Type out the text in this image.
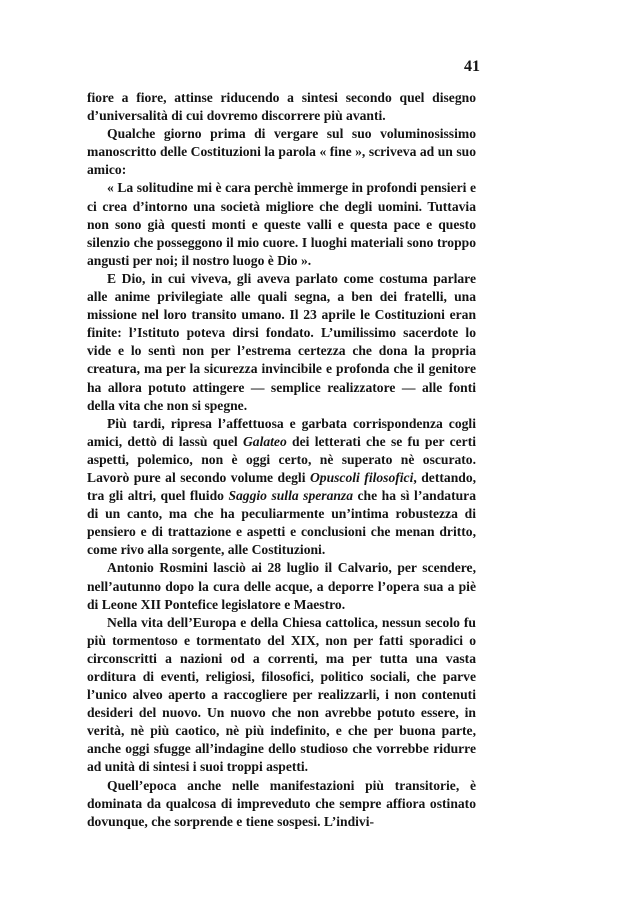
41

fiore a fiore, attinse riducendo a sintesi secondo quel disegno d’universalità di cui dovremo discorrere più avanti.

Qualche giorno prima di vergare sul suo voluminosissimo manoscritto delle Costituzioni la parola « fine », scriveva ad un suo amico:

« La solitudine mi è cara perchè immerge in profondi pensieri e ci crea d’intorno una società migliore che degli uomini. Tuttavia non sono già questi monti e queste valli e questa pace e questo silenzio che posseggono il mio cuore. I luoghi materiali sono troppo angusti per noi; il nostro luogo è Dio ».

E Dio, in cui viveva, gli aveva parlato come costuma parlare alle anime privilegiate alle quali segna, a ben dei fratelli, una missione nel loro transito umano. Il 23 aprile le Costituzioni eran finite: l’Istituto poteva dirsi fondato. L’umilissimo sacerdote lo vide e lo sentì non per l’estrema certezza che dona la propria creatura, ma per la sicurezza invincibile e profonda che il genitore ha allora potuto attingere — semplice realizzatore — alle fonti della vita che non si spegne.

Più tardi, ripresa l’affettuosa e garbata corrispondenza cogli amici, dettò di lassù quel Galateo dei letterati che se fu per certi aspetti, polemico, non è oggi certo, nè superato nè oscurato. Lavorò pure al secondo volume degli Opuscoli filosofici, dettando, tra gli altri, quel fluido Saggio sulla speranza che ha sì l’andatura di un canto, ma che ha peculiarmente un’intima robustezza di pensiero e di trattazione e aspetti e conclusioni che menan dritto, come rivo alla sorgente, alle Costituzioni.

Antonio Rosmini lasciò ai 28 luglio il Calvario, per scendere, nell’autunno dopo la cura delle acque, a deporre l’opera sua a piè di Leone XII Pontefice legislatore e Maestro.

Nella vita dell’Europa e della Chiesa cattolica, nessun secolo fu più tormentoso e tormentato del XIX, non per fatti sporadici o circonscritti a nazioni od a correnti, ma per tutta una vasta orditura di eventi, religiosi, filosofici, politico sociali, che parve l’unico alveo aperto a raccogliere per realizzarli, i non contenuti desideri del nuovo. Un nuovo che non avrebbe potuto essere, in verità, nè più caotico, nè più indefinito, e che per buona parte, anche oggi sfugge all’indagine dello studioso che vorrebbe ridurre ad unità di sintesi i suoi troppi aspetti.

Quell’epoca anche nelle manifestazioni più transitorie, è dominata da qualcosa di impreveduto che sempre affiora ostinato dovunque, che sorprende e tiene sospesi. L’indivi-
